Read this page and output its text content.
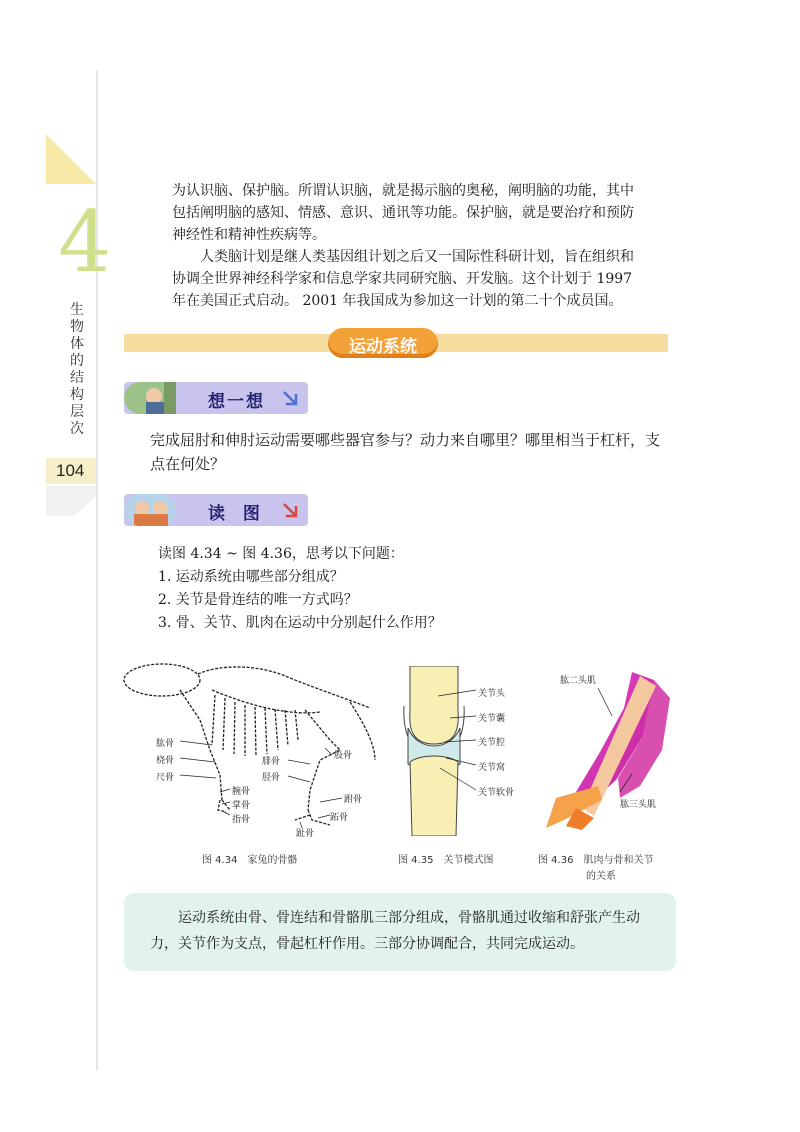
4
生物体的结构层次
104

为认识脑、保护脑。所谓认识脑，就是揭示脑的奥秘，阐明脑的功能，其中包括阐明脑的感知、情感、意识、通讯等功能。保护脑，就是要治疗和预防神经性和精神性疾病等。

人类脑计划是继人类基因组计划之后又一国际性科研计划，旨在组织和协调全世界神经科学家和信息学家共同研究脑、开发脑。这个计划于 1997 年在美国正式启动。 2001 年我国成为参加这一计划的第二十个成员国。

运动系统
想一想
完成屈肘和伸肘运动需要哪些器官参与？动力来自哪里？哪里相当于杠杆，支点在何处？
读  图
读图 4.34 ~ 图 4.36，思考以下问题：
1. 运动系统由哪些部分组成？
2. 关节是骨连结的唯一方式吗？
3. 骨、关节、肌肉在运动中分别起什么作用？
肱骨
桡骨
尺骨
腕骨
掌骨
指骨
腓骨
胫骨
股骨
跗骨
跖骨
趾骨
图 4.34　家兔的骨骼
关节头
关节囊
关节腔
关节窝
关节软骨
图 4.35　关节模式图
肱二头肌
肱三头肌
图 4.36　肌肉与骨和关节
的关系
运动系统由骨、骨连结和骨骼肌三部分组成，骨骼肌通过收缩和舒张产生动力，关节作为支点，骨起杠杆作用。三部分协调配合，共同完成运动。
